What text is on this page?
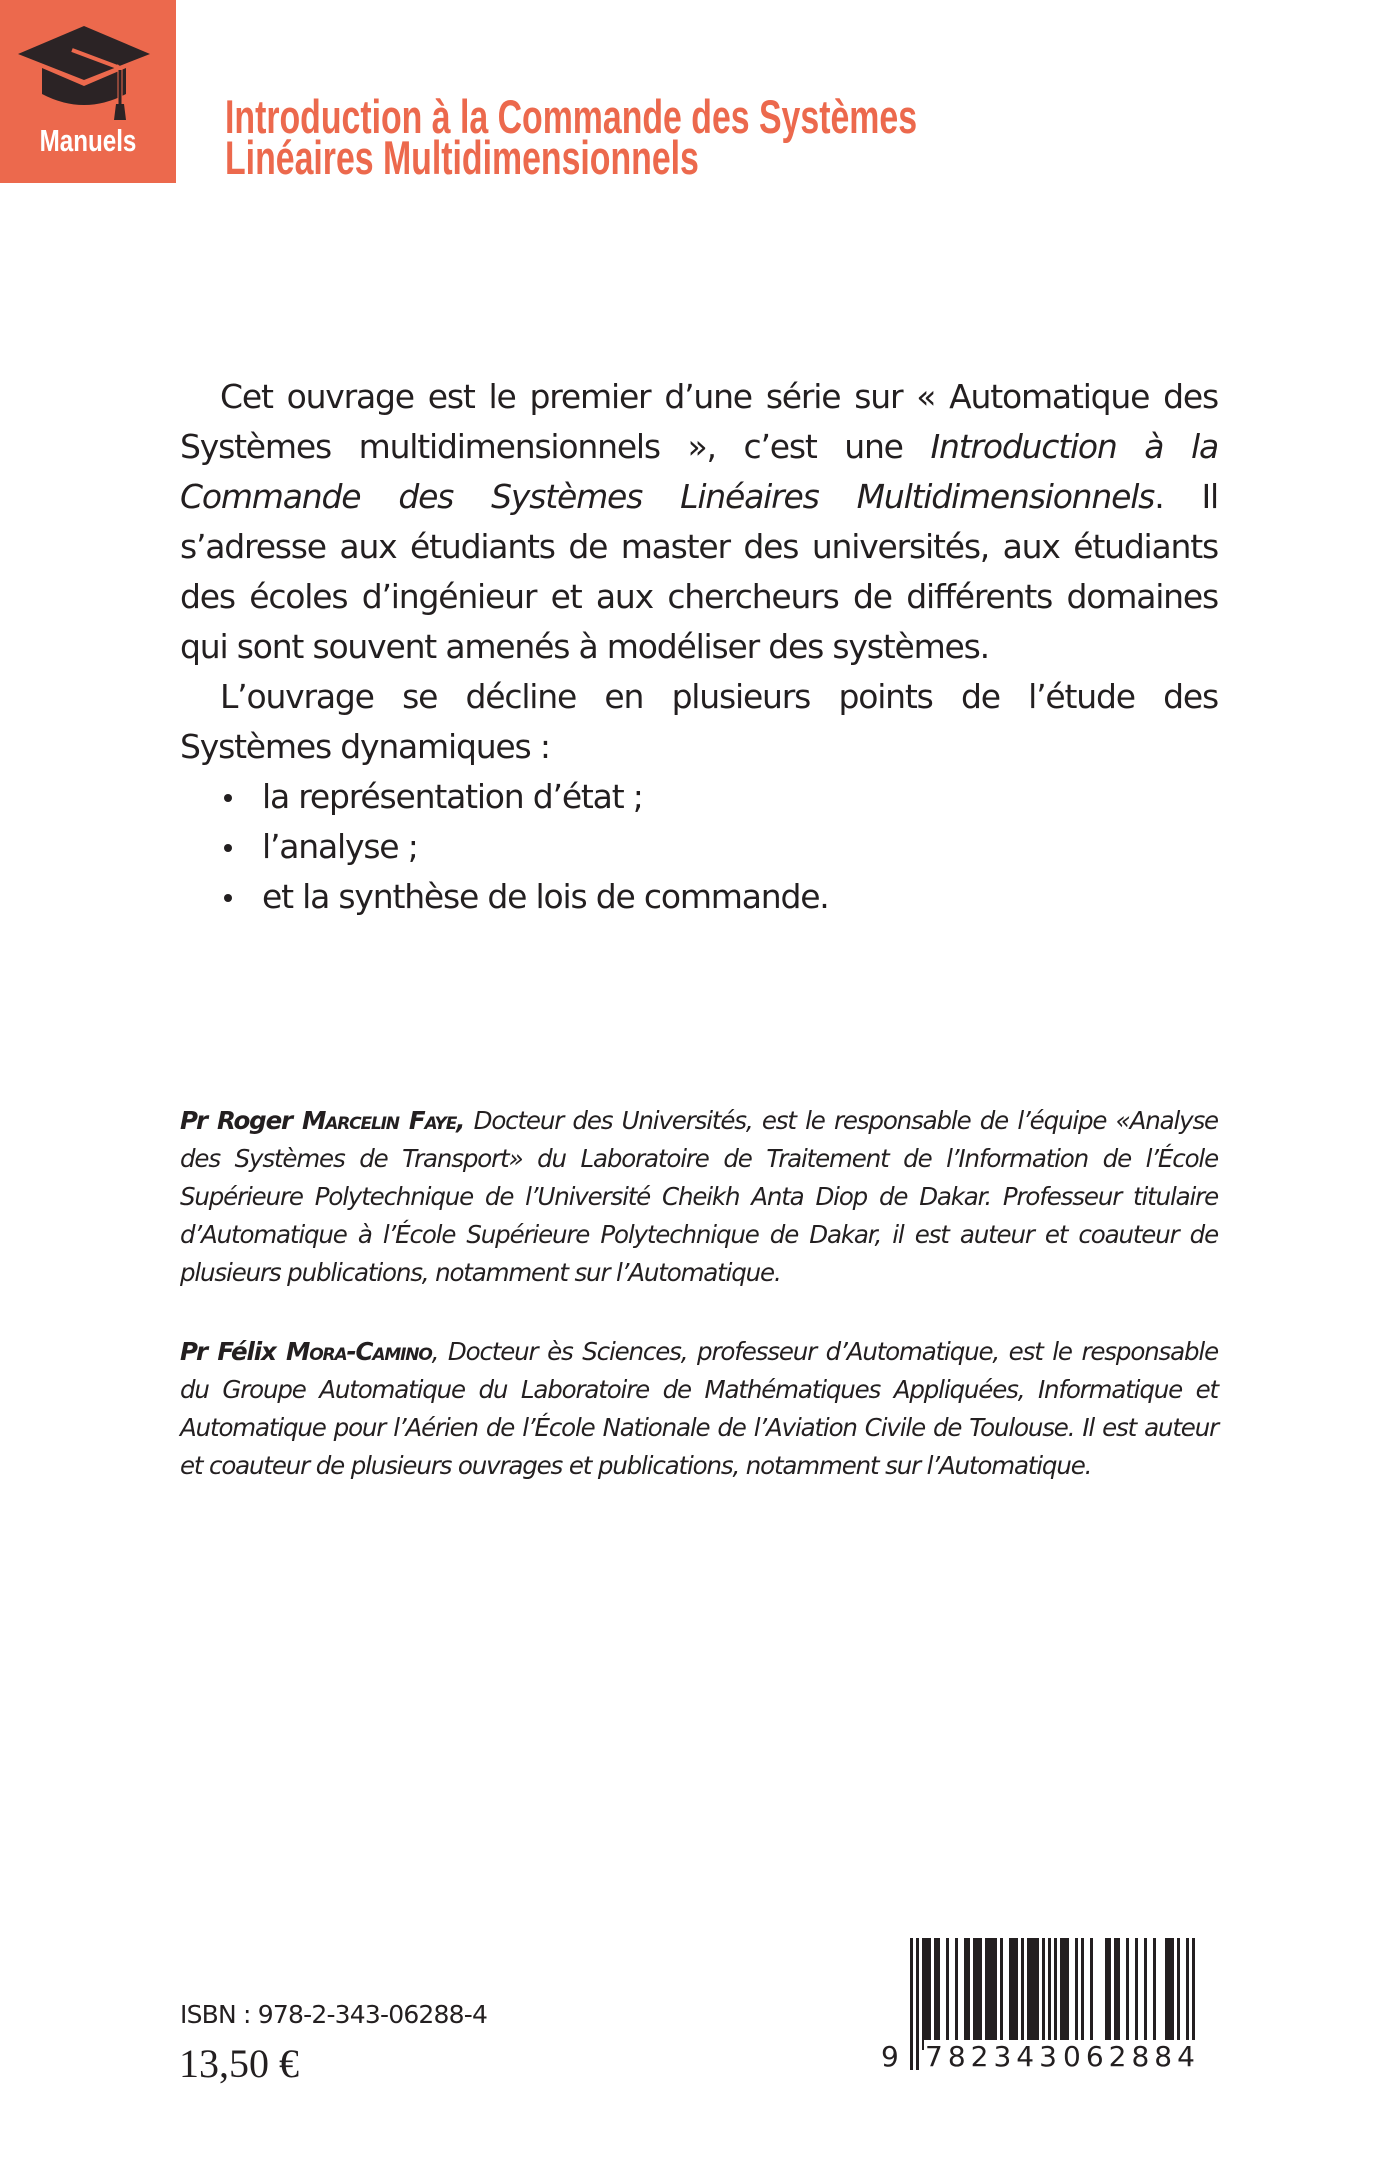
Manuels	Introduction à la Commande des Systèmes
Linéaires Multidimensionnels

Cet ouvrage est le premier d’une série sur « Automatique des Systèmes multidimensionnels », c’est une Introduction à la Commande des Systèmes Linéaires Multidimensionnels. Il s’adresse aux étudiants de master des universités, aux étudiants des écoles d’ingénieur et aux chercheurs de différents domaines qui sont souvent amenés à modéliser des systèmes.

L’ouvrage se décline en plusieurs points de l’étude des Systèmes dynamiques :

la représentation d’état ;
l’analyse ;
et la synthèse de lois de commande.
Pr Roger Marcelin Faye, Docteur des Universités, est le responsable de l’équipe «Analyse des Systèmes de Transport» du Laboratoire de Traitement de l’Information de l’École Supérieure Polytechnique de l’Université Cheikh Anta Diop de Dakar. Professeur titulaire d’Automatique à l’École Supérieure Polytechnique de Dakar, il est auteur et coauteur de plusieurs publications, notamment sur l’Automatique.
Pr Félix Mora-Camino, Docteur ès Sciences, professeur d’Automatique, est le responsable du Groupe Automatique du Laboratoire de Mathématiques Appliquées, Informatique et Automatique pour l’Aérien de l’École Nationale de l’Aviation Civile de Toulouse. Il est auteur et coauteur de plusieurs ouvrages et publications, notamment sur l’Automatique.
ISBN : 978-2-343-06288-4
13,50 €	9 782343 062884
